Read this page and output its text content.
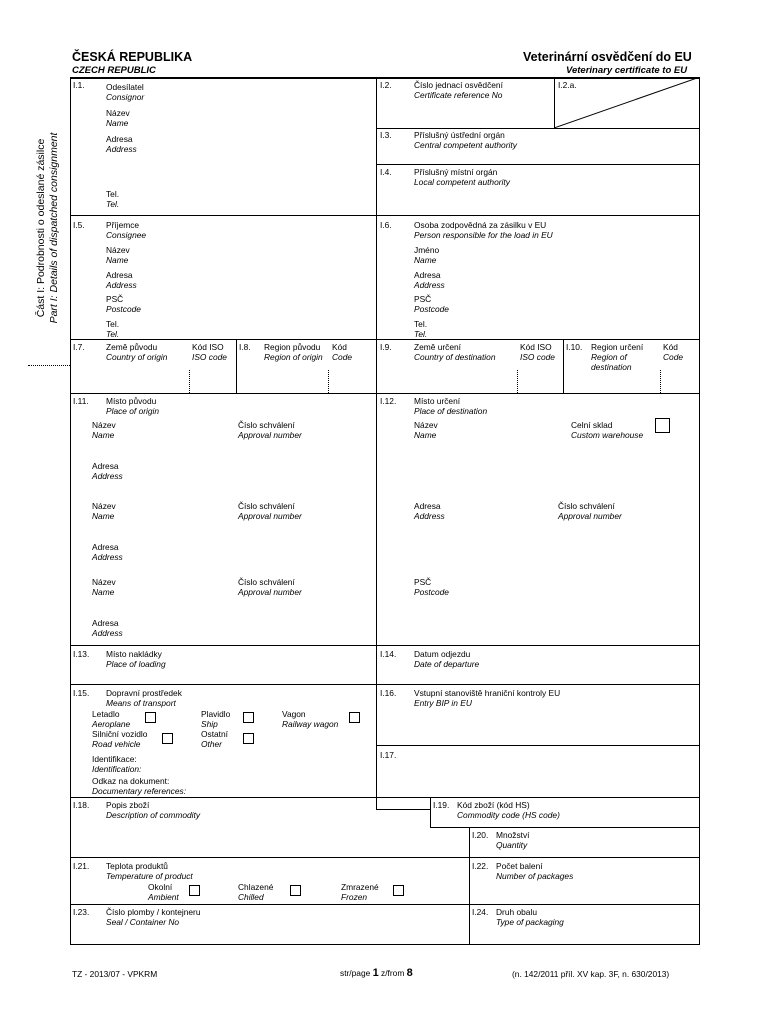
ČESKÁ REPUBLIKA
CZECH REPUBLIC
Veterinární osvědčení do EU
Veterinary certificate to EU
Část I: Podrobnosti o odeslané zásilce Part I: Details of dispatched consignment
I.1.	Odesílatel
Consignor
Název
Name
Adresa
Address
Tel.
Tel.
I.2.	Číslo jednací osvědčení
Certificate reference No
I.2.a.
I.3.	Příslušný ústřední orgán
Central competent authority
I.4.	Příslušný místní orgán
Local competent authority
I.5.	Příjemce
Consignee
Název
Name
Adresa
Address
PSČ
Postcode
Tel.
Tel.
I.6.	Osoba zodpovědná za zásilku v EU
Person responsible for the load in EU
Jméno
Name
Adresa
Address
PSČ
Postcode
Tel.
Tel.
I.7.	Země původu
Country of origin
Kód ISO
ISO code
I.8. Region původu
Region of origin
Kód
Code
I.9.	Země určení
Country of destination
Kód ISO
ISO code
I.10. Region určení
Region of
destination
Kód
Code
I.11. Místo původu
Place of origin
Název
Name
Číslo schválení
Approval number
Adresa
Address
Název
Name
Číslo schválení
Approval number
Adresa
Address
Název
Name
Číslo schválení
Approval number
Adresa
Address
I.12. Místo určení
Place of destination
Název
Name
Celní sklad
Custom warehouse
Adresa
Address
Číslo schválení
Approval number
PSČ
Postcode
I.13. Místo nakládky
Place of loading
I.14. Datum odjezdu
Date of departure
I.15. Dopravní prostředek
Means of transport
Letadlo
Aeroplane
Plavidlo
Ship
Vagon
Railway wagon
Silniční vozidlo
Road vehicle
Ostatní
Other
Identifikace:
Identification:
Odkaz na dokument:
Documentary references:
I.16. Vstupní stanoviště hraniční kontroly EU
Entry BIP in EU
I.17.
I.18. Popis zboží
Description of commodity
I.19. Kód zboží (kód HS)
Commodity code (HS code)
I.20. Množství
Quantity
I.21. Teplota produktů
Temperature of product
Okolní
Ambient
Chlazené
Chilled
Zmrazené
Frozen
I.22. Počet balení
Number of packages
I.23. Číslo plomby / kontejneru
Seal / Container No
I.24. Druh obalu
Type of packaging
TZ - 2013/07 - VPKRM	str/page 1 z/from 8	(n. 142/2011 příl. XV kap. 3F, n. 630/2013)
